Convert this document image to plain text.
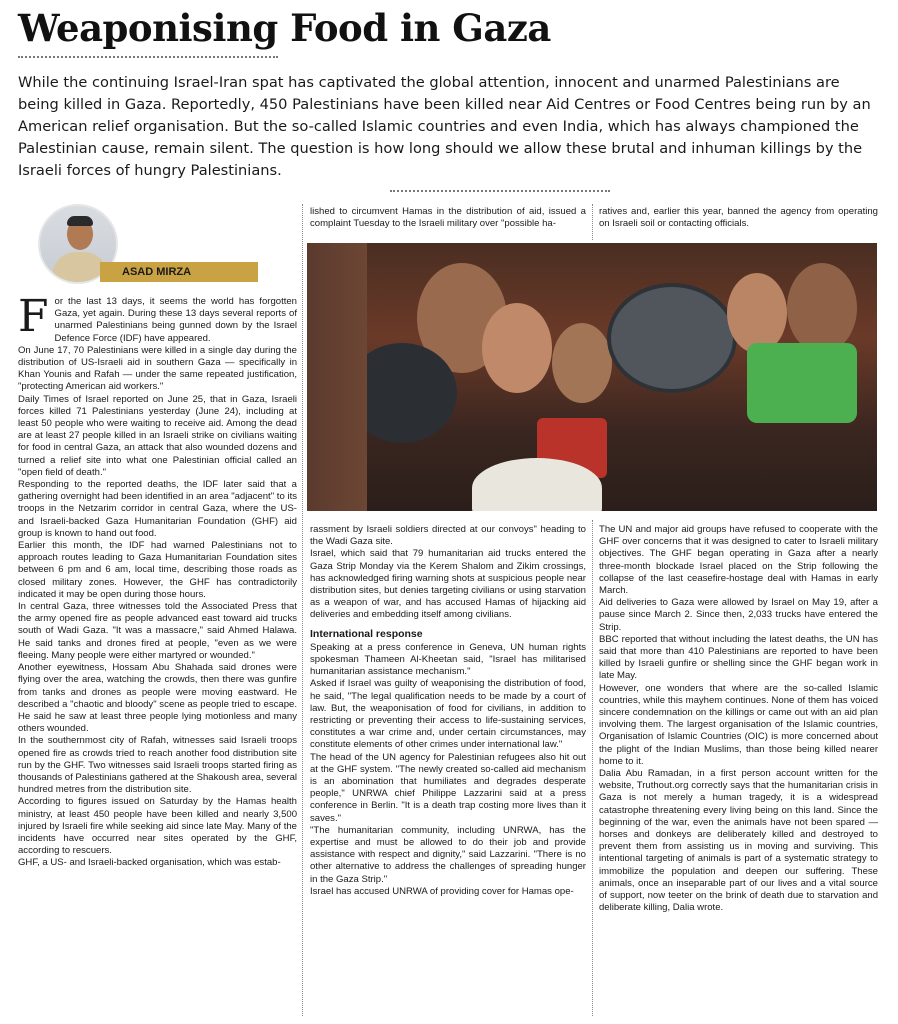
Weaponising Food in Gaza

While the continuing Israel-Iran spat has captivated the global attention, innocent and unarmed Palestinians are being killed in Gaza. Reportedly, 450 Palestinians have been killed near Aid Centres or Food Centres being run by an American relief organisation. But the so-called Islamic countries and even India, which has always championed the Palestinian cause, remain silent. The question is how long should we allow these brutal and inhuman killings by the Israeli forces of hungry Palestinians.

ASAD MIRZA
F or the last 13 days, it seems the world has forgotten Gaza, yet again. During these 13 days several reports of unarmed Palestinians being gunned down by the Israel Defence Force (IDF) have appeared.

On June 17, 70 Palestinians were killed in a single day during the distribution of US-Israeli aid in southern Gaza — specifically in Khan Younis and Rafah — under the same repeated justification, "protecting American aid workers."

Daily Times of Israel reported on June 25, that in Gaza, Israeli forces killed 71 Palestinians yesterday (June 24), including at least 50 people who were waiting to receive aid. Among the dead are at least 27 people killed in an Israeli strike on civilians waiting for food in central Gaza, an attack that also wounded dozens and turned a relief site into what one Palestinian official called an "open field of death."

Responding to the reported deaths, the IDF later said that a gathering overnight had been identified in an area "adjacent" to its troops in the Netzarim corridor in central Gaza, where the US- and Israeli-backed Gaza Humanitarian Foundation (GHF) aid group is known to hand out food.

Earlier this month, the IDF had warned Palestinians not to approach routes leading to Gaza Humanitarian Foundation sites between 6 pm and 6 am, local time, describing those roads as closed military zones. However, the GHF has contradictorily indicated it may be open during those hours.

In central Gaza, three witnesses told the Associated Press that the army opened fire as people advanced east toward aid trucks south of Wadi Gaza. "It was a massacre," said Ahmed Halawa. He said tanks and drones fired at people, "even as we were fleeing. Many people were either martyred or wounded."

Another eyewitness, Hossam Abu Shahada said drones were flying over the area, watching the crowds, then there was gunfire from tanks and drones as people were moving eastward. He described a "chaotic and bloody" scene as people tried to escape. He said he saw at least three people lying motionless and many others wounded.

In the southernmost city of Rafah, witnesses said Israeli troops opened fire as crowds tried to reach another food distribution site run by the GHF. Two witnesses said Israeli troops started firing as thousands of Palestinians gathered at the Shakoush area, several hundred metres from the distribution site.

According to figures issued on Saturday by the Hamas health ministry, at least 450 people have been killed and nearly 3,500 injured by Israeli fire while seeking aid since late May. Many of the incidents have occurred near sites operated by the GHF, according to rescuers.

GHF, a US- and Israeli-backed organisation, which was estab-

lished to circumvent Hamas in the distribution of aid, issued a complaint Tuesday to the Israeli military over "possible ha-

ratives and, earlier this year, banned the agency from operating on Israeli soil or contacting officials.

rassment by Israeli soldiers directed at our convoys" heading to the Wadi Gaza site.

Israel, which said that 79 humanitarian aid trucks entered the Gaza Strip Monday via the Kerem Shalom and Zikim crossings, has acknowledged firing warning shots at suspicious people near distribution sites, but denies targeting civilians or using starvation as a weapon of war, and has accused Hamas of hijacking aid deliveries and embedding itself among civilians.

International response

Speaking at a press conference in Geneva, UN human rights spokesman Thameen Al-Kheetan said, "Israel has militarised humanitarian assistance mechanism."

Asked if Israel was guilty of weaponising the distribution of food, he said, "The legal qualification needs to be made by a court of law. But, the weaponisation of food for civilians, in addition to restricting or preventing their access to life-sustaining services, constitutes a war crime and, under certain circumstances, may constitute elements of other crimes under international law."

The head of the UN agency for Palestinian refugees also hit out at the GHF system. "The newly created so-called aid mechanism is an abomination that humiliates and degrades desperate people," UNRWA chief Philippe Lazzarini said at a press conference in Berlin. "It is a death trap costing more lives than it saves."

"The humanitarian community, including UNRWA, has the expertise and must be allowed to do their job and provide assistance with respect and dignity," said Lazzarini. "There is no other alternative to address the challenges of spreading hunger in the Gaza Strip."

Israel has accused UNRWA of providing cover for Hamas ope-

The UN and major aid groups have refused to cooperate with the GHF over concerns that it was designed to cater to Israeli military objectives. The GHF began operating in Gaza after a nearly three-month blockade Israel placed on the Strip following the collapse of the last ceasefire-hostage deal with Hamas in early March.

Aid deliveries to Gaza were allowed by Israel on May 19, after a pause since March 2. Since then, 2,033 trucks have entered the Strip.

BBC reported that without including the latest deaths, the UN has said that more than 410 Palestinians are reported to have been killed by Israeli gunfire or shelling since the GHF began work in late May.

However, one wonders that where are the so-called Islamic countries, while this mayhem continues. None of them has voiced sincere condemnation on the killings or came out with an aid plan involving them. The largest organisation of the Islamic countries, Organisation of Islamic Countries (OIC) is more concerned about the plight of the Indian Muslims, than those being killed nearer home to it.

Dalia Abu Ramadan, in a first person account written for the website, Truthout.org correctly says that the humanitarian crisis in Gaza is not merely a human tragedy, it is a widespread catastrophe threatening every living being on this land. Since the beginning of the war, even the animals have not been spared — horses and donkeys are deliberately killed and destroyed to prevent them from assisting us in moving and surviving. This intentional targeting of animals is part of a systematic strategy to immobilize the population and deepen our suffering. These animals, once an inseparable part of our lives and a vital source of support, now teeter on the brink of death due to starvation and deliberate killing, Dalia wrote.
